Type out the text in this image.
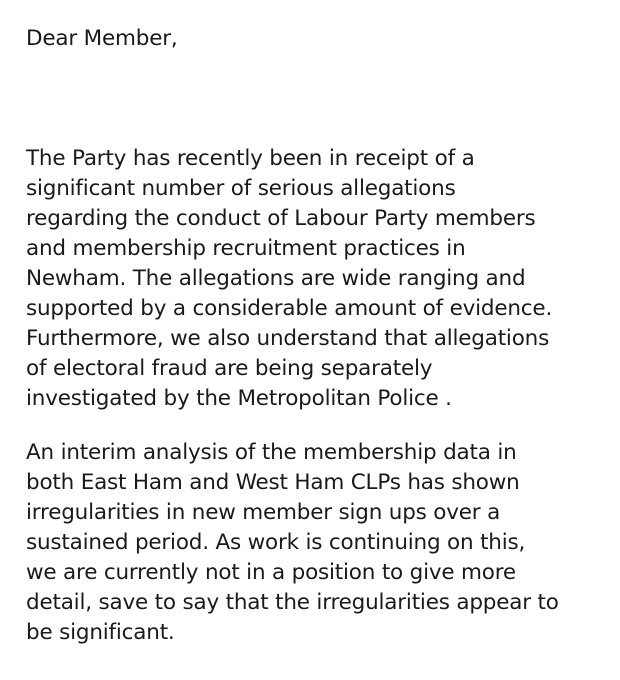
Dear Member,

The Party has recently been in receipt of a
significant number of serious allegations
regarding the conduct of Labour Party members
and membership recruitment practices in
Newham. The allegations are wide ranging and
supported by a considerable amount of evidence.
Furthermore, we also understand that allegations
of electoral fraud are being separately
investigated by the Metropolitan Police .

An interim analysis of the membership data in
both East Ham and West Ham CLPs has shown
irregularities in new member sign ups over a
sustained period. As work is continuing on this,
we are currently not in a position to give more
detail, save to say that the irregularities appear to
be significant.
